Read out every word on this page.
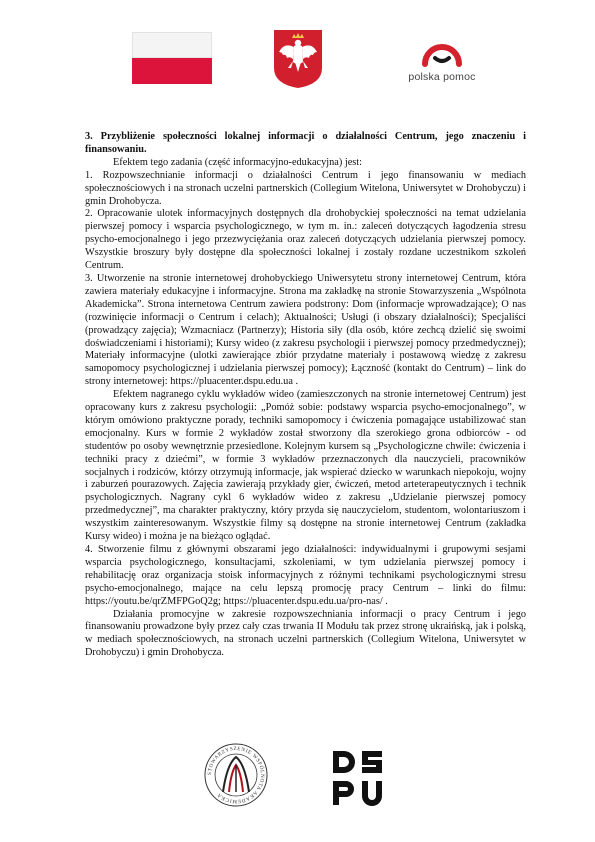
polska pomoc

3. Przybliżenie społeczności lokalnej informacji o działalności Centrum, jego znaczeniu i finansowaniu.

Efektem tego zadania (część informacyjno-edukacyjna) jest:

1. Rozpowszechnianie informacji o działalności Centrum i jego finansowaniu w mediach społecznościowych i na stronach uczelni partnerskich (Collegium Witelona, Uniwersytet w Drohobyczu) i gmin Drohobycza.

2. Opracowanie ulotek informacyjnych dostępnych dla drohobyckiej społeczności na temat udzielania pierwszej pomocy i wsparcia psychologicznego, w tym m. in.: zaleceń dotyczących łagodzenia stresu psycho-emocjonalnego i jego przezwyciężania oraz zaleceń dotyczących udzielania pierwszej pomocy. Wszystkie broszury były dostępne dla społeczności lokalnej i zostały rozdane uczestnikom szkoleń Centrum.

3. Utworzenie na stronie internetowej drohobyckiego Uniwersytetu strony internetowej Centrum, która zawiera materiały edukacyjne i informacyjne. Strona ma zakładkę na stronie Stowarzyszenia „Wspólnota Akademicka”. Strona internetowa Centrum zawiera podstrony: Dom (informacje wprowadzające); O nas (rozwinięcie informacji o Centrum i celach); Aktualności; Usługi (i obszary działalności); Specjaliści (prowadzący zajęcia); Wzmacniacz (Partnerzy); Historia siły (dla osób, które zechcą dzielić się swoimi doświadczeniami i historiami); Kursy wideo (z zakresu psychologii i pierwszej pomocy przedmedycznej); Materiały informacyjne (ulotki zawierające zbiór przydatne materiały i postawową wiedzę z zakresu samopomocy psychologicznej i udzielania pierwszej pomocy); Łączność (kontakt do Centrum) – link do strony internetowej: https://pluacenter.dspu.edu.ua .

Efektem nagranego cyklu wykładów wideo (zamieszczonych na stronie internetowej Centrum) jest opracowany kurs z zakresu psychologii: „Pomóż sobie: podstawy wsparcia psycho-emocjonalnego”, w którym omówiono praktyczne porady, techniki samopomocy i ćwiczenia pomagające ustabilizować stan emocjonalny. Kurs w formie 2 wykładów został stworzony dla szerokiego grona odbiorców - od studentów po osoby wewnętrznie przesiedlone. Kolejnym kursem są „Psychologiczne chwile: ćwiczenia i techniki pracy z dziećmi”, w formie 3 wykładów przeznaczonych dla nauczycieli, pracowników socjalnych i rodziców, którzy otrzymują informacje, jak wspierać dziecko w warunkach niepokoju, wojny i zaburzeń pourazowych. Zajęcia zawierają przykłady gier, ćwiczeń, metod arteterapeutycznych i technik psychologicznych. Nagrany cykl 6 wykładów wideo z zakresu „Udzielanie pierwszej pomocy przedmedycznej”, ma charakter praktyczny, który przyda się nauczycielom, studentom, wolontariuszom i wszystkim zainteresowanym. Wszystkie filmy są dostępne na stronie internetowej Centrum (zakładka Kursy wideo) i można je na bieżąco oglądać.

4. Stworzenie filmu z głównymi obszarami jego działalności: indywidualnymi i grupowymi sesjami wsparcia psychologicznego, konsultacjami, szkoleniami, w tym udzielania pierwszej pomocy i rehabilitację oraz organizacja stoisk informacyjnych z różnymi technikami psychologicznymi stresu psycho-emocjonalnego, mające na celu lepszą promocję pracy Centrum – linki do filmu: https://youtu.be/qrZMFPGoQ2g; https://pluacenter.dspu.edu.ua/pro-nas/ .

Działania promocyjne w zakresie rozpowszechniania informacji o pracy Centrum i jego finansowaniu prowadzone były przez cały czas trwania II Modułu tak przez stronę ukraińską, jak i polską, w mediach społecznościowych, na stronach uczelni partnerskich (Collegium Witelona, Uniwersytet w Drohobyczu) i gmin Drohobycza.

STOWARZYSZENIE WSPÓLNOTA AKADEMICKA
